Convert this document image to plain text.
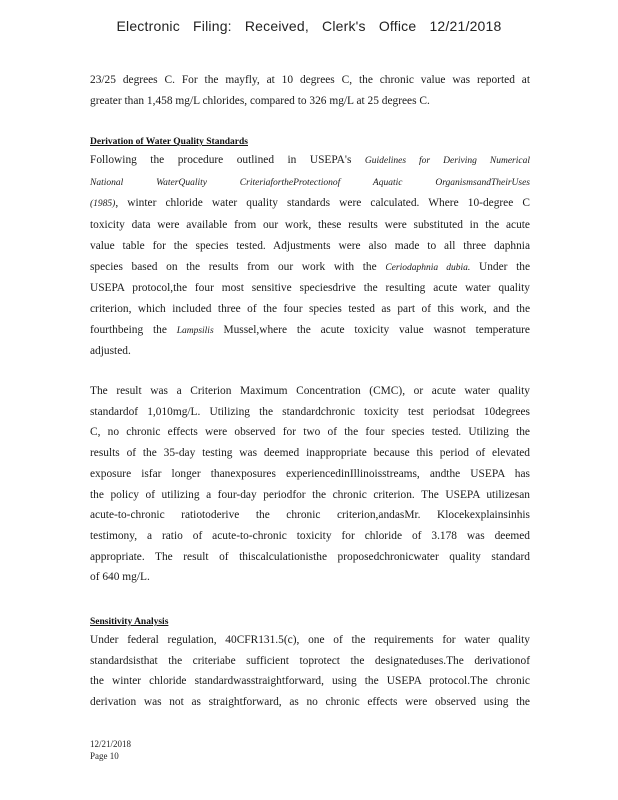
Electronic Filing: Received, Clerk's Office 12/21/2018
23/25 degrees C. For the mayfly, at 10 degrees C, the chronic value was reported at
greater than 1,458 mg/L chlorides, compared to 326 mg/L at 25 degrees C.
Derivation of Water Quality Standards
Following the procedure outlined in USEPA's Guidelines for Deriving Numerical
National WaterQuality CriteriafortheProtectionof Aquatic OrganismsandTheirUses
(1985), winter chloride water quality standards were calculated. Where 10-degree C
toxicity data were available from our work, these results were substituted in the acute
value table for the species tested. Adjustments were also made to all three daphnia
species based on the results from our work with the Ceriodaphnia dubia. Under the
USEPA protocol,the four most sensitive speciesdrive the resulting acute water quality
criterion, which included three of the four species tested as part of this work, and the
fourthbeing the Lampsilis Mussel,where the acute toxicity value wasnot temperature
adjusted.
The result was a Criterion Maximum Concentration (CMC), or acute water quality
standardof 1,010mg/L. Utilizing the standardchronic toxicity test periodsat 10degrees
C, no chronic effects were observed for two of the four species tested. Utilizing the
results of the 35-day testing was deemed inappropriate because this period of elevated
exposure isfar longer thanexposures experiencedinIllinoisstreams, andthe USEPA has
the policy of utilizing a four-day periodfor the chronic criterion. The USEPA utilizesan
acute-to-chronic ratiotoderive the chronic criterion,andasMr. Klocekexplainsinhis
testimony, a ratio of acute-to-chronic toxicity for chloride of 3.178 was deemed
appropriate. The result of thiscalculationisthe proposedchronicwater quality standard
of 640 mg/L.
Sensitivity Analysis
Under federal regulation, 40CFR131.5(c), one of the requirements for water quality
standardsisthat the criteriabe sufficient toprotect the designateduses.The derivationof
the winter chloride standardwasstraightforward, using the USEPA protocol.The chronic
derivation was not as straightforward, as no chronic effects were observed using the
12/21/2018
Page 10
